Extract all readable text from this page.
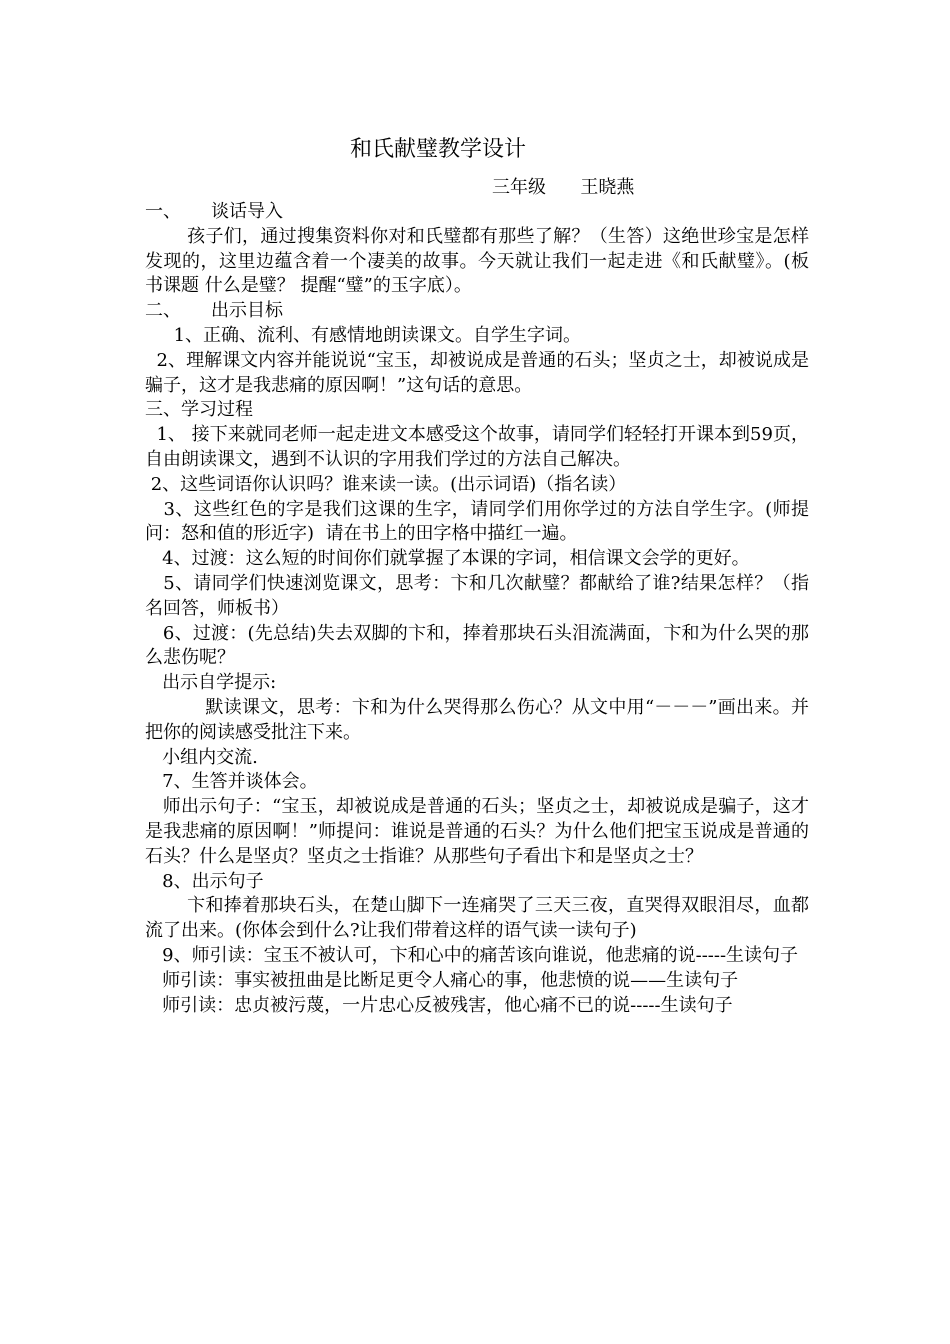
和氏献璧教学设计
三年级      王晓燕

一、 谈话导入

孩子们，通过搜集资料你对和氏璧都有那些了解？（生答）这绝世珍宝是怎样发现的，这里边蕴含着一个凄美的故事。今天就让我们一起走进《和氏献璧》。(板书课题 什么是璧？ 提醒“璧”的玉字底）。

二、 出示目标

1、正确、流利、有感情地朗读课文。自学生字词。

2、理解课文内容并能说说“宝玉，却被说成是普通的石头；坚贞之士，却被说成是骗子，这才是我悲痛的原因啊！”这句话的意思。

三、学习过程

1、 接下来就同老师一起走进文本感受这个故事，请同学们轻轻打开课本到59页，自由朗读课文，遇到不认识的字用我们学过的方法自己解决。

2、这些词语你认识吗？谁来读一读。(出示词语)（指名读）

3、这些红色的字是我们这课的生字，请同学们用你学过的方法自学生字。(师提问：怒和值的形近字)  请在书上的田字格中描红一遍。

4、过渡：这么短的时间你们就掌握了本课的字词，相信课文会学的更好。

5、请同学们快速浏览课文，思考：卞和几次献璧？都献给了谁?结果怎样？（指名回答，师板书）

6、过渡：(先总结)失去双脚的卞和，捧着那块石头泪流满面，卞和为什么哭的那么悲伤呢？

出示自学提示:

默读课文，思考：卞和为什么哭得那么伤心？从文中用“－－－”画出来。并把你的阅读感受批注下来。

小组内交流.

7、生答并谈体会。

师出示句子：“宝玉，却被说成是普通的石头；坚贞之士，却被说成是骗子，这才是我悲痛的原因啊！”师提问：谁说是普通的石头？为什么他们把宝玉说成是普通的石头？什么是坚贞？坚贞之士指谁？从那些句子看出卞和是坚贞之士？

8、出示句子

卞和捧着那块石头，在楚山脚下一连痛哭了三天三夜，直哭得双眼泪尽，血都流了出来。(你体会到什么?让我们带着这样的语气读一读句子)

9、师引读：宝玉不被认可，卞和心中的痛苦该向谁说，他悲痛的说-----生读句子

师引读：事实被扭曲是比断足更令人痛心的事，他悲愤的说——生读句子

师引读：忠贞被污蔑，一片忠心反被残害，他心痛不已的说-----生读句子
